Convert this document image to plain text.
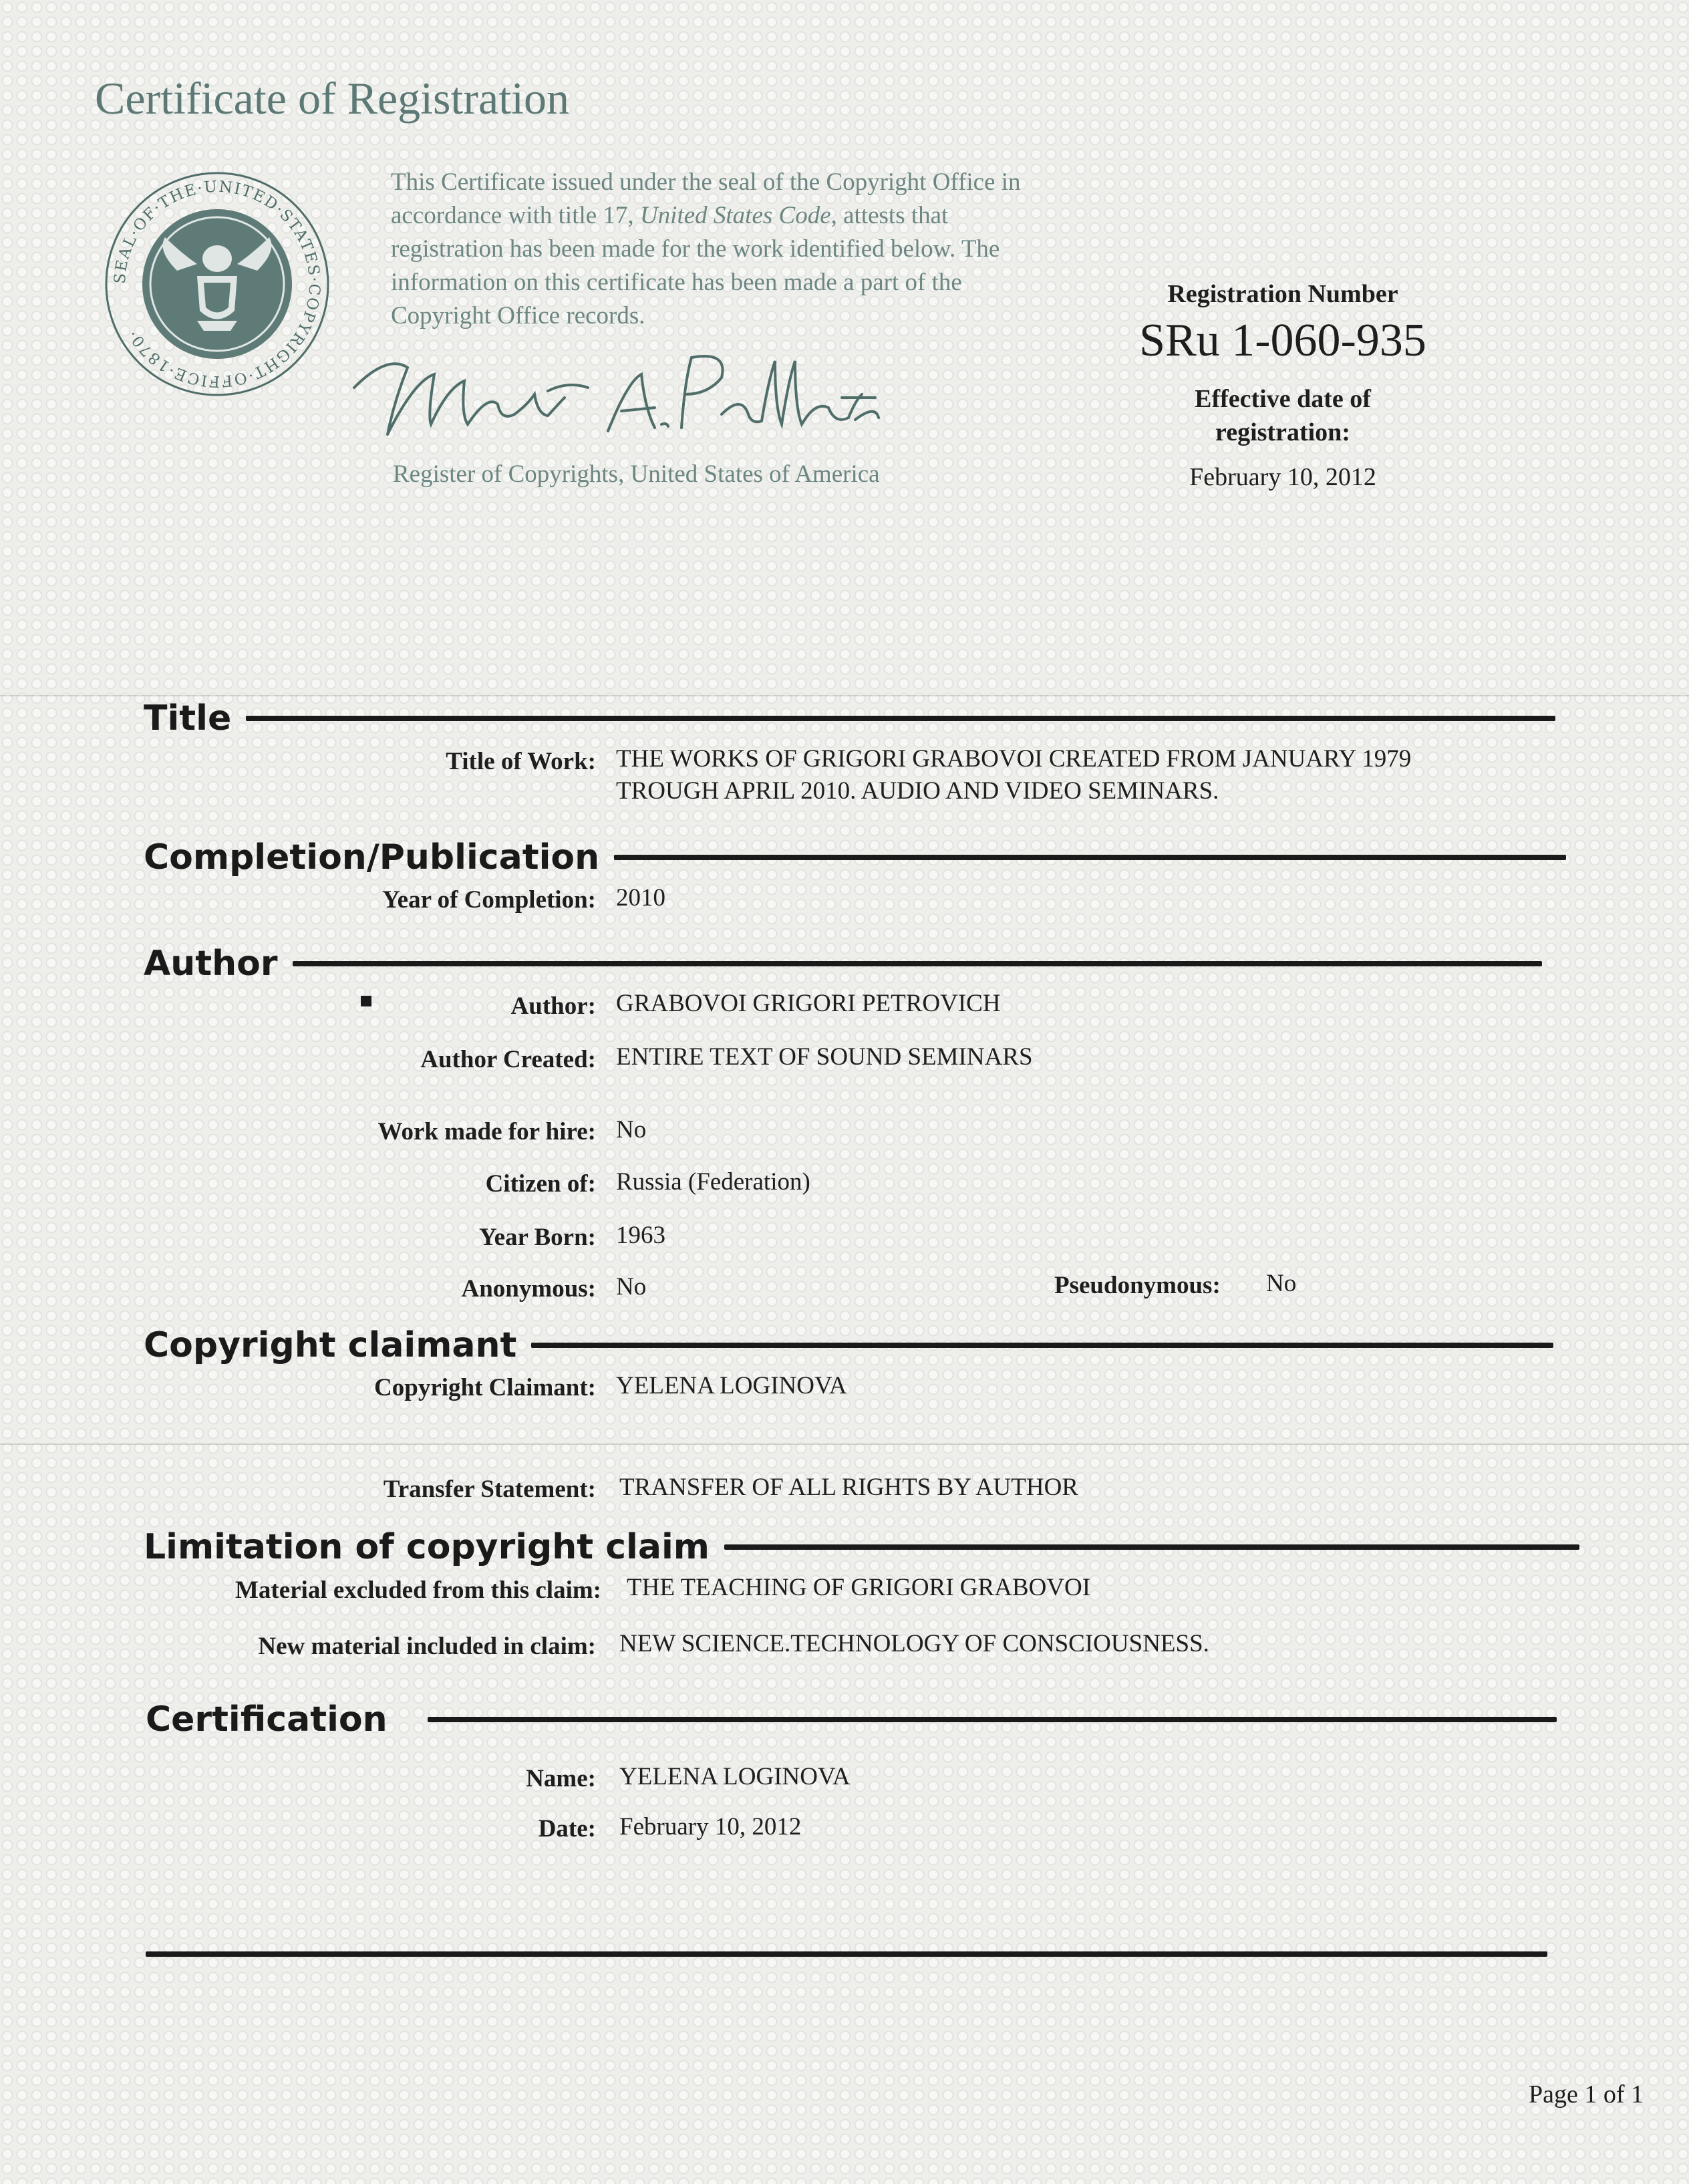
Certificate of Registration
SEAL·OF·THE·UNITED·STATES·COPYRIGHT·OFFICE·1870·
This Certificate issued under the seal of the Copyright Office in accordance with title 17, United States Code, attests that registration has been made for the work identified below. The information on this certificate has been made a part of the Copyright Office records.
Maria A. Pallante
Register of Copyrights, United States of America
Registration Number
SRu 1-060-935
Effective date of
registration:
February 10, 2012
Title
Title of Work: THE WORKS OF GRIGORI GRABOVOI CREATED FROM JANUARY 1979
TROUGH APRIL 2010. AUDIO AND VIDEO SEMINARS.
Completion/Publication
Year of Completion: 2010
Author
Author: GRABOVOI GRIGORI PETROVICH
Author Created: ENTIRE TEXT OF SOUND SEMINARS
Work made for hire: No
Citizen of: Russia (Federation)
Year Born: 1963
Anonymous: No	Pseudonymous: No
Copyright claimant
Copyright Claimant: YELENA LOGINOVA
Transfer Statement: TRANSFER OF ALL RIGHTS BY AUTHOR
Limitation of copyright claim
Material excluded from this claim: THE TEACHING OF GRIGORI GRABOVOI
New material included in claim: NEW SCIENCE.TECHNOLOGY OF CONSCIOUSNESS.
Certification
Name: YELENA LOGINOVA
Date: February 10, 2012
Page 1 of 1
